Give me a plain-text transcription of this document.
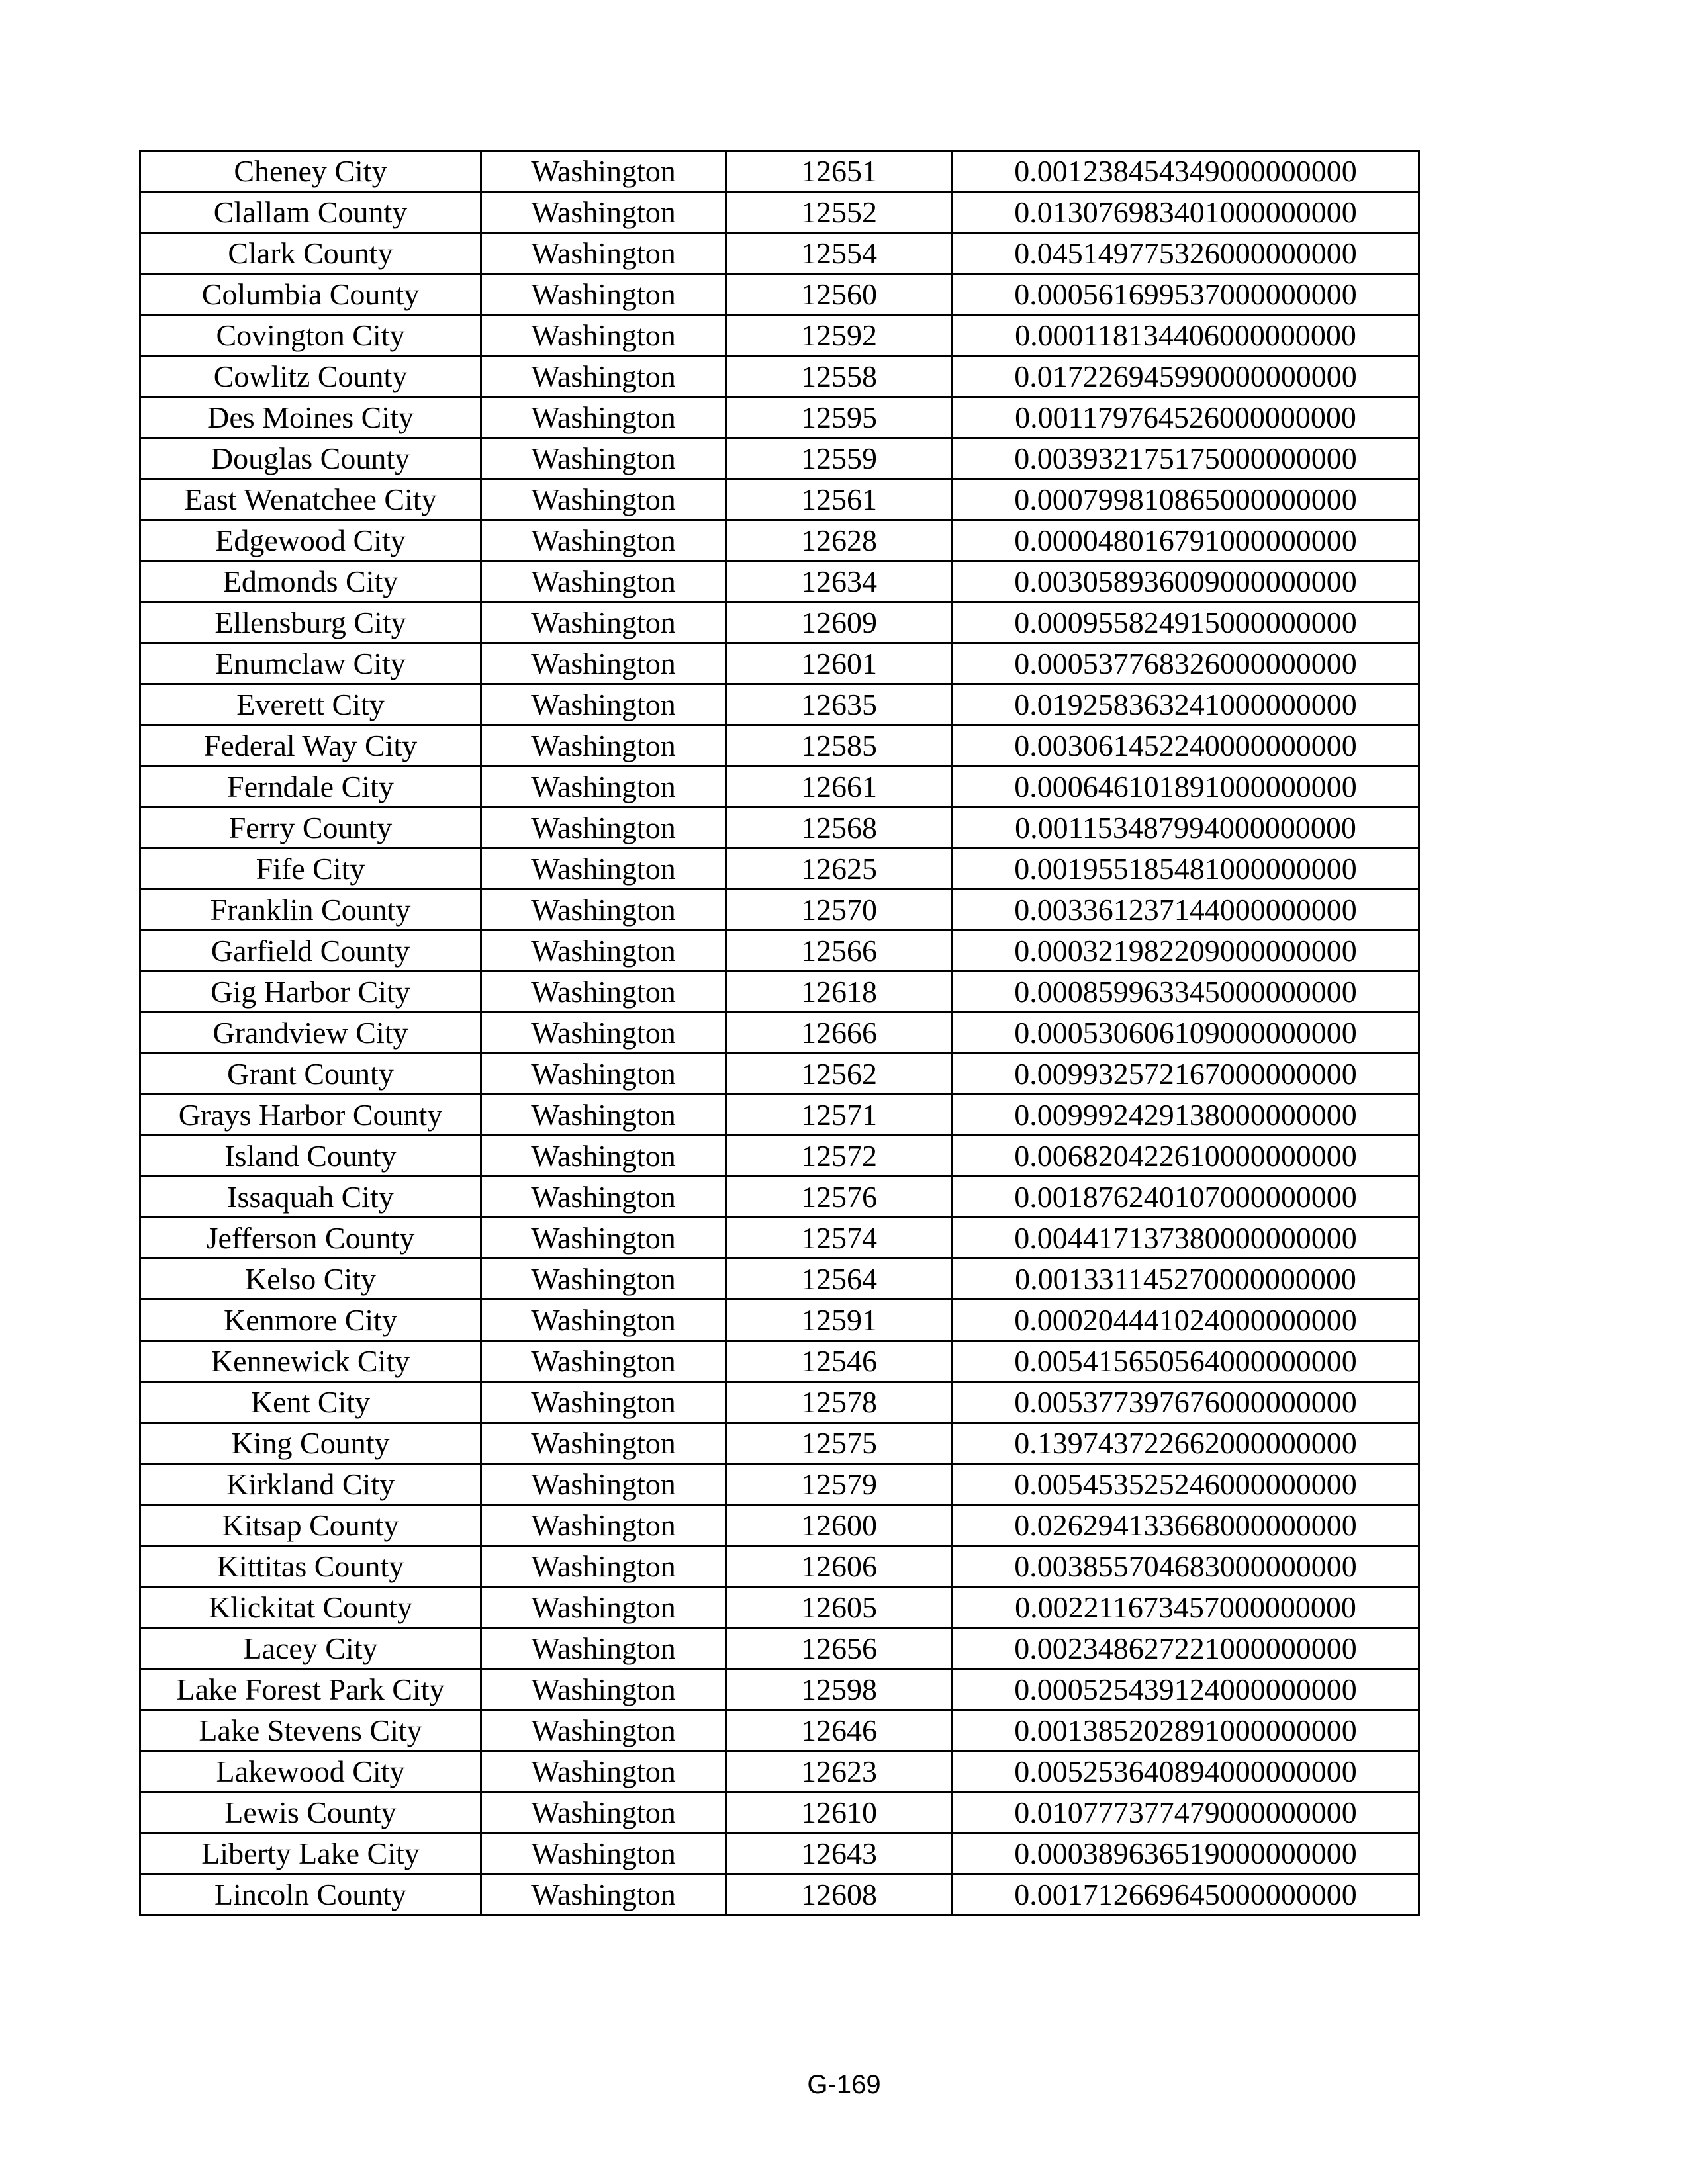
Cheney City	Washington	12651	0.001238454349000000000
Clallam County	Washington	12552	0.013076983401000000000
Clark County	Washington	12554	0.045149775326000000000
Columbia County	Washington	12560	0.000561699537000000000
Covington City	Washington	12592	0.000118134406000000000
Cowlitz County	Washington	12558	0.017226945990000000000
Des Moines City	Washington	12595	0.001179764526000000000
Douglas County	Washington	12559	0.003932175175000000000
East Wenatchee City	Washington	12561	0.000799810865000000000
Edgewood City	Washington	12628	0.000048016791000000000
Edmonds City	Washington	12634	0.003058936009000000000
Ellensburg City	Washington	12609	0.000955824915000000000
Enumclaw City	Washington	12601	0.000537768326000000000
Everett City	Washington	12635	0.019258363241000000000
Federal Way City	Washington	12585	0.003061452240000000000
Ferndale City	Washington	12661	0.000646101891000000000
Ferry County	Washington	12568	0.001153487994000000000
Fife City	Washington	12625	0.001955185481000000000
Franklin County	Washington	12570	0.003361237144000000000
Garfield County	Washington	12566	0.000321982209000000000
Gig Harbor City	Washington	12618	0.000859963345000000000
Grandview City	Washington	12666	0.000530606109000000000
Grant County	Washington	12562	0.009932572167000000000
Grays Harbor County	Washington	12571	0.009992429138000000000
Island County	Washington	12572	0.006820422610000000000
Issaquah City	Washington	12576	0.001876240107000000000
Jefferson County	Washington	12574	0.004417137380000000000
Kelso City	Washington	12564	0.001331145270000000000
Kenmore City	Washington	12591	0.000204441024000000000
Kennewick City	Washington	12546	0.005415650564000000000
Kent City	Washington	12578	0.005377397676000000000
King County	Washington	12575	0.139743722662000000000
Kirkland City	Washington	12579	0.005453525246000000000
Kitsap County	Washington	12600	0.026294133668000000000
Kittitas County	Washington	12606	0.003855704683000000000
Klickitat County	Washington	12605	0.002211673457000000000
Lacey City	Washington	12656	0.002348627221000000000
Lake Forest Park City	Washington	12598	0.000525439124000000000
Lake Stevens City	Washington	12646	0.001385202891000000000
Lakewood City	Washington	12623	0.005253640894000000000
Lewis County	Washington	12610	0.010777377479000000000
Liberty Lake City	Washington	12643	0.000389636519000000000
Lincoln County	Washington	12608	0.001712669645000000000
G-169
